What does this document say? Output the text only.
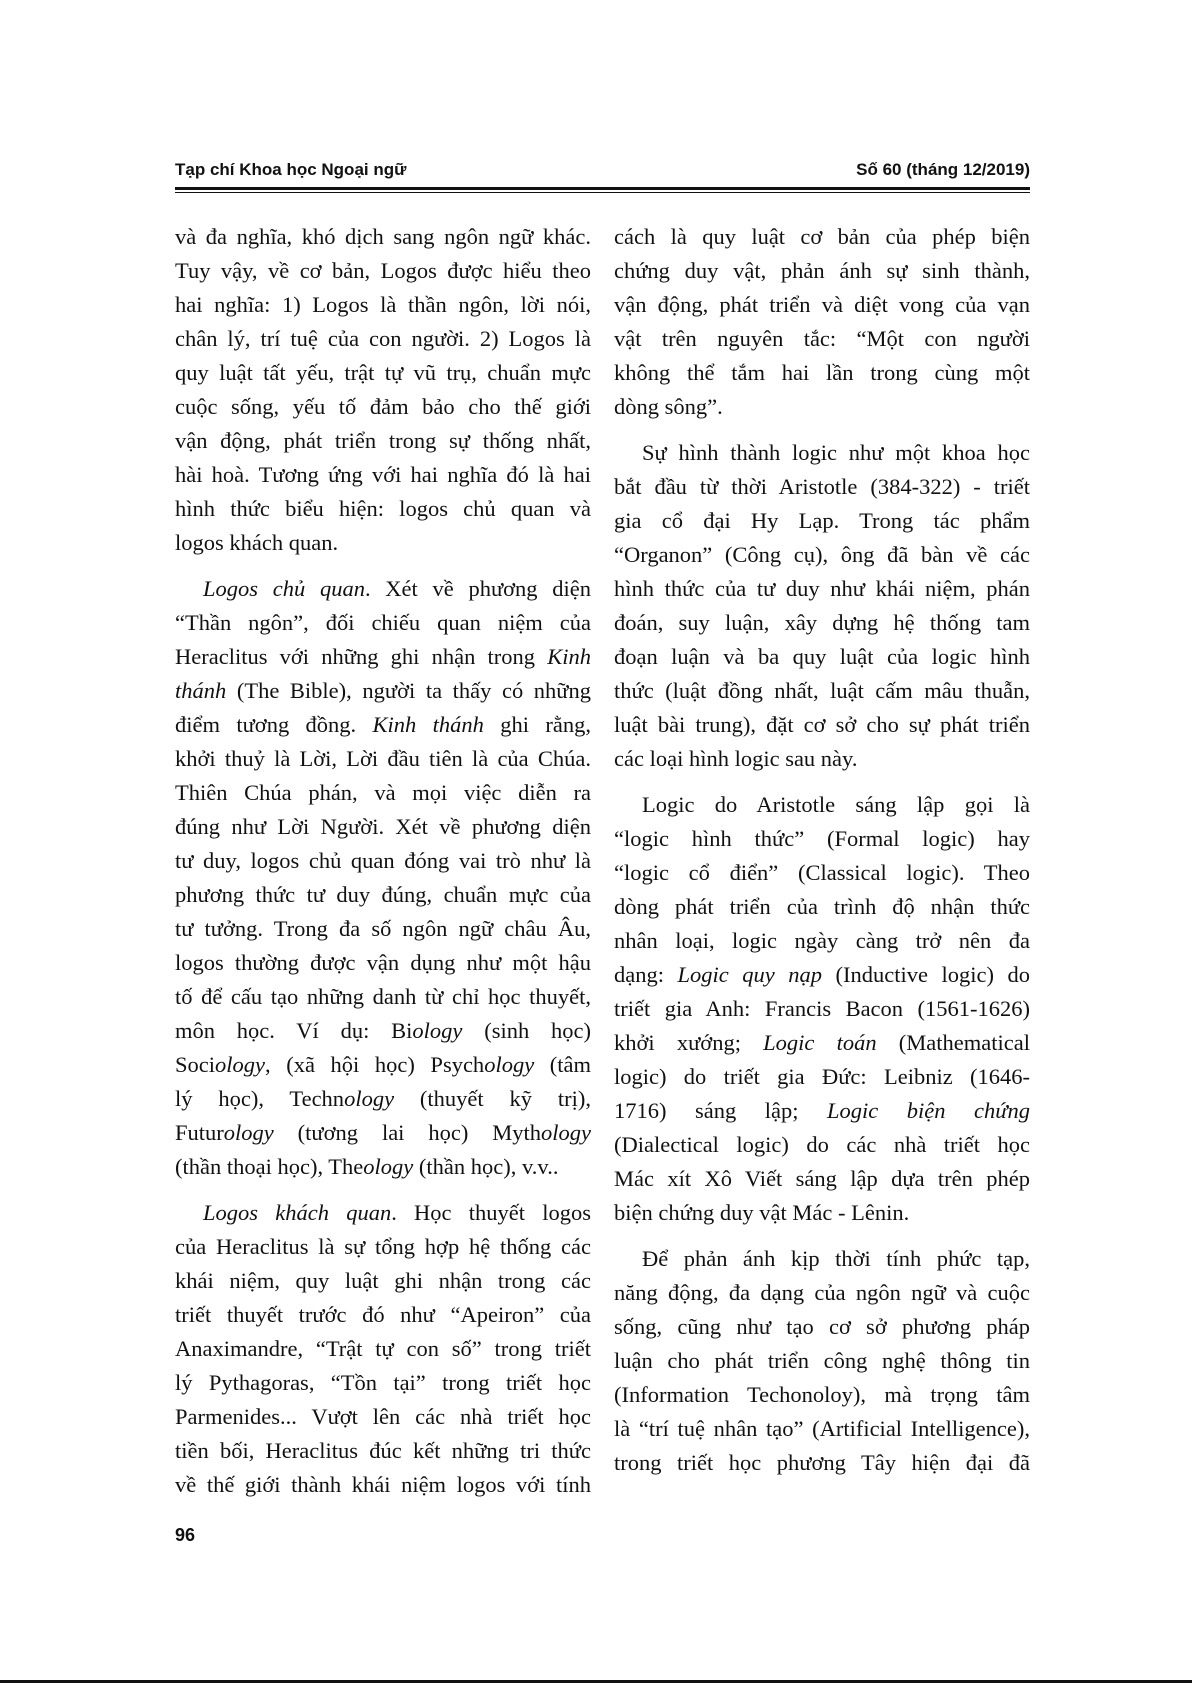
Tạp chí Khoa học Ngoại ngữ	Số 60 (tháng 12/2019)
và đa nghĩa, khó dịch sang ngôn ngữ khác.
Tuy vậy, về cơ bản, Logos được hiểu theo
hai nghĩa: 1) Logos là thần ngôn, lời nói,
chân lý, trí tuệ của con người. 2) Logos là
quy luật tất yếu, trật tự vũ trụ, chuẩn mực
cuộc sống, yếu tố đảm bảo cho thế giới
vận động, phát triển trong sự thống nhất,
hài hoà. Tương ứng với hai nghĩa đó là hai
hình thức biểu hiện: logos chủ quan và
logos khách quan.
Logos chủ quan. Xét về phương diện
“Thần ngôn”, đối chiếu quan niệm của
Heraclitus với những ghi nhận trong Kinh
thánh (The Bible), người ta thấy có những
điểm tương đồng. Kinh thánh ghi rằng,
khởi thuỷ là Lời, Lời đầu tiên là của Chúa.
Thiên Chúa phán, và mọi việc diễn ra
đúng như Lời Người. Xét về phương diện
tư duy, logos chủ quan đóng vai trò như là
phương thức tư duy đúng, chuẩn mực của
tư tưởng. Trong đa số ngôn ngữ châu Âu,
logos thường được vận dụng như một hậu
tố để cấu tạo những danh từ chỉ học thuyết,
môn học. Ví dụ: Biology (sinh học)
Sociology, (xã hội học) Psychology (tâm
lý học), Technology (thuyết kỹ trị),
Futurology (tương lai học) Mythology
(thần thoại học), Theology (thần học), v.v..
Logos khách quan. Học thuyết logos
của Heraclitus là sự tổng hợp hệ thống các
khái niệm, quy luật ghi nhận trong các
triết thuyết trước đó như “Apeiron” của
Anaximandre, “Trật tự con số” trong triết
lý Pythagoras, “Tồn tại” trong triết học
Parmenides... Vượt lên các nhà triết học
tiền bối, Heraclitus đúc kết những tri thức
về thế giới thành khái niệm logos với tính
cách là quy luật cơ bản của phép biện
chứng duy vật, phản ánh sự sinh thành,
vận động, phát triển và diệt vong của vạn
vật trên nguyên tắc: “Một con người
không thể tắm hai lần trong cùng một
dòng sông”.
Sự hình thành logic như một khoa học
bắt đầu từ thời Aristotle (384-322) - triết
gia cổ đại Hy Lạp. Trong tác phẩm
“Organon” (Công cụ), ông đã bàn về các
hình thức của tư duy như khái niệm, phán
đoán, suy luận, xây dựng hệ thống tam
đoạn luận và ba quy luật của logic hình
thức (luật đồng nhất, luật cấm mâu thuẫn,
luật bài trung), đặt cơ sở cho sự phát triển
các loại hình logic sau này.
Logic do Aristotle sáng lập gọi là
“logic hình thức” (Formal logic) hay
“logic cổ điển” (Classical logic). Theo
dòng phát triển của trình độ nhận thức
nhân loại, logic ngày càng trở nên đa
dạng: Logic quy nạp (Inductive logic) do
triết gia Anh: Francis Bacon (1561-1626)
khởi xướng; Logic toán (Mathematical
logic) do triết gia Đức: Leibniz (1646-
1716) sáng lập; Logic biện chứng
(Dialectical logic) do các nhà triết học
Mác xít Xô Viết sáng lập dựa trên phép
biện chứng duy vật Mác - Lênin.
Để phản ánh kịp thời tính phức tạp,
năng động, đa dạng của ngôn ngữ và cuộc
sống, cũng như tạo cơ sở phương pháp
luận cho phát triển công nghệ thông tin
(Information Techonoloy), mà trọng tâm
là “trí tuệ nhân tạo” (Artificial Intelligence),
trong triết học phương Tây hiện đại đã
96
